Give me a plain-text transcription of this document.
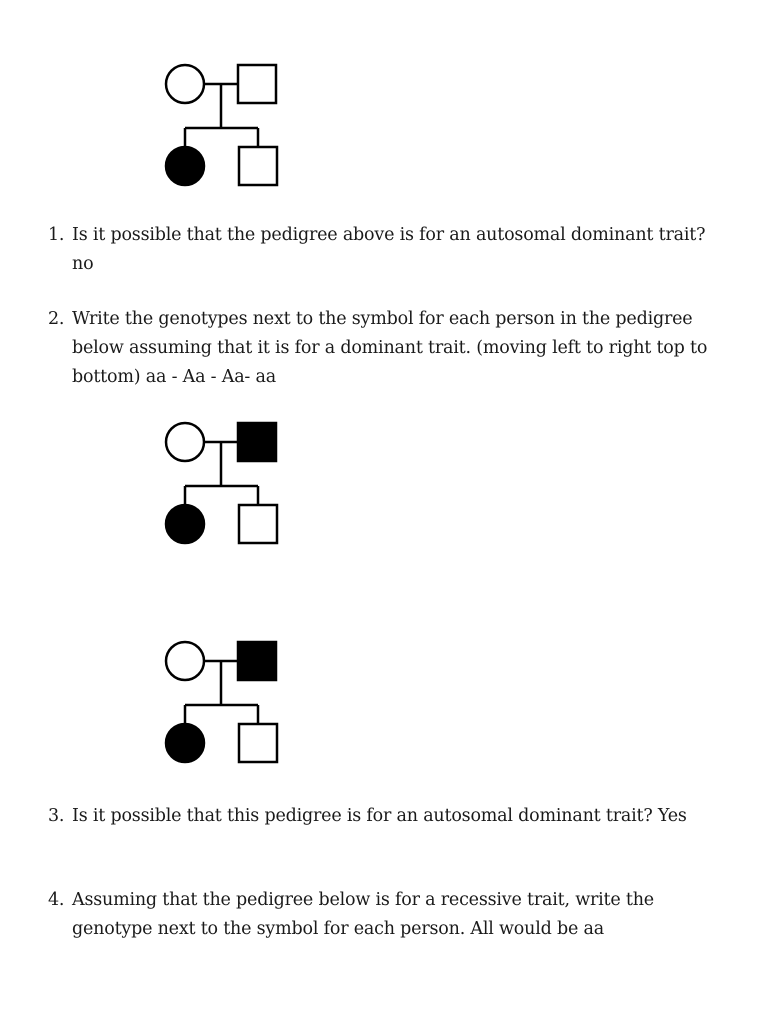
1. Is it possible that the pedigree above is for an autosomal dominant trait? no
2. Write the genotypes next to the symbol for each person in the pedigree below assuming that it is for a dominant trait. (moving left to right top to bottom) aa - Aa - Aa- aa
3. Is it possible that this pedigree is for an autosomal dominant trait? Yes
4. Assuming that the pedigree below is for a recessive trait, write the genotype next to the symbol for each person. All would be aa
